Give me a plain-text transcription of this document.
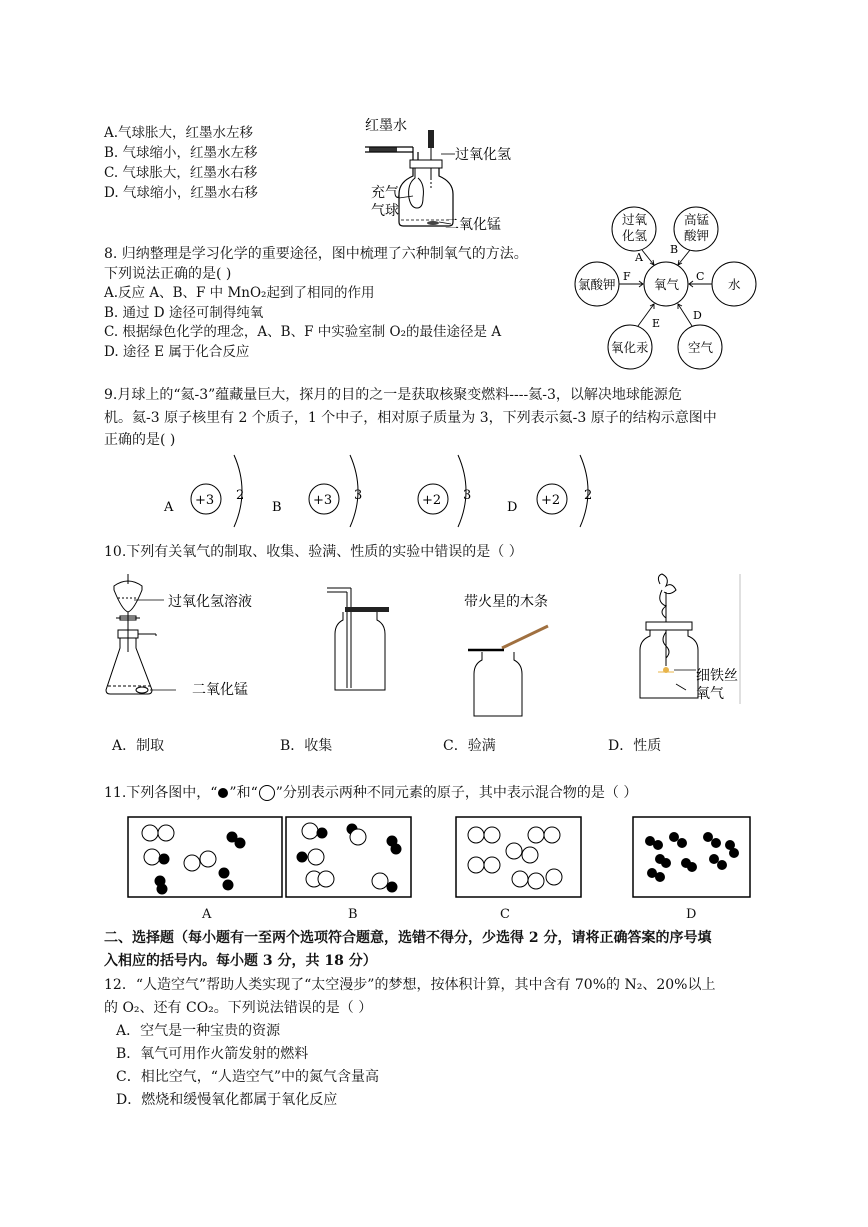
A.气球胀大，红墨水左移
B. 气球缩小，红墨水左移
C. 气球胀大，红墨水右移
D. 气球缩小，红墨水右移
红墨水
过氧化氢
充气
气球
二氧化锰
8. 归纳整理是学习化学的重要途径，图中梳理了六种制氧气的方法。
下列说法正确的是( )
A.反应 A、B、F 中 MnO₂起到了相同的作用
B. 通过 D 途径可制得纯氧
C. 根据绿色化学的理念，A、B、F 中实验室制 O₂的最佳途径是 A
D. 途径 E 属于化合反应
过氧
化氢
高锰
酸钾
氯酸钾	氧气	水
氧化汞	空气
A
B
F	C
E
D
9.月球上的“氦-3”蕴藏量巨大，探月的目的之一是获取核聚变燃料----氦-3，以解决地球能源危
机。氦-3 原子核里有 2 个质子，1 个中子，相对原子质量为 3，下列表示氦-3 原子的结构示意图中
正确的是( )
A	B	D
+3 2	+3 3	+2 3	+2 2
10.下列有关氧气的制取、收集、验满、性质的实验中错误的是（ ）
过氧化氢溶液
二氧化锰
带火星的木条
细铁丝
氧气
A．制取	B．收集	C．验满	D．性质
11.下列各图中，“ ”和“ ”分别表示两种不同元素的原子，其中表示混合物的是（ ）
A	B	C	D
二、选择题（每小题有一至两个选项符合题意，选错不得分，少选得 2 分，请将正确答案的序号填
入相应的括号内。每小题 3 分，共 18 分）
12．“人造空气”帮助人类实现了“太空漫步”的梦想，按体积计算，其中含有 70%的 N₂、20%以上
的 O₂、还有 CO₂。下列说法错误的是（ ）
A．空气是一种宝贵的资源
B．氧气可用作火箭发射的燃料
C．相比空气，“人造空气”中的氮气含量高
D．燃烧和缓慢氧化都属于氧化反应
